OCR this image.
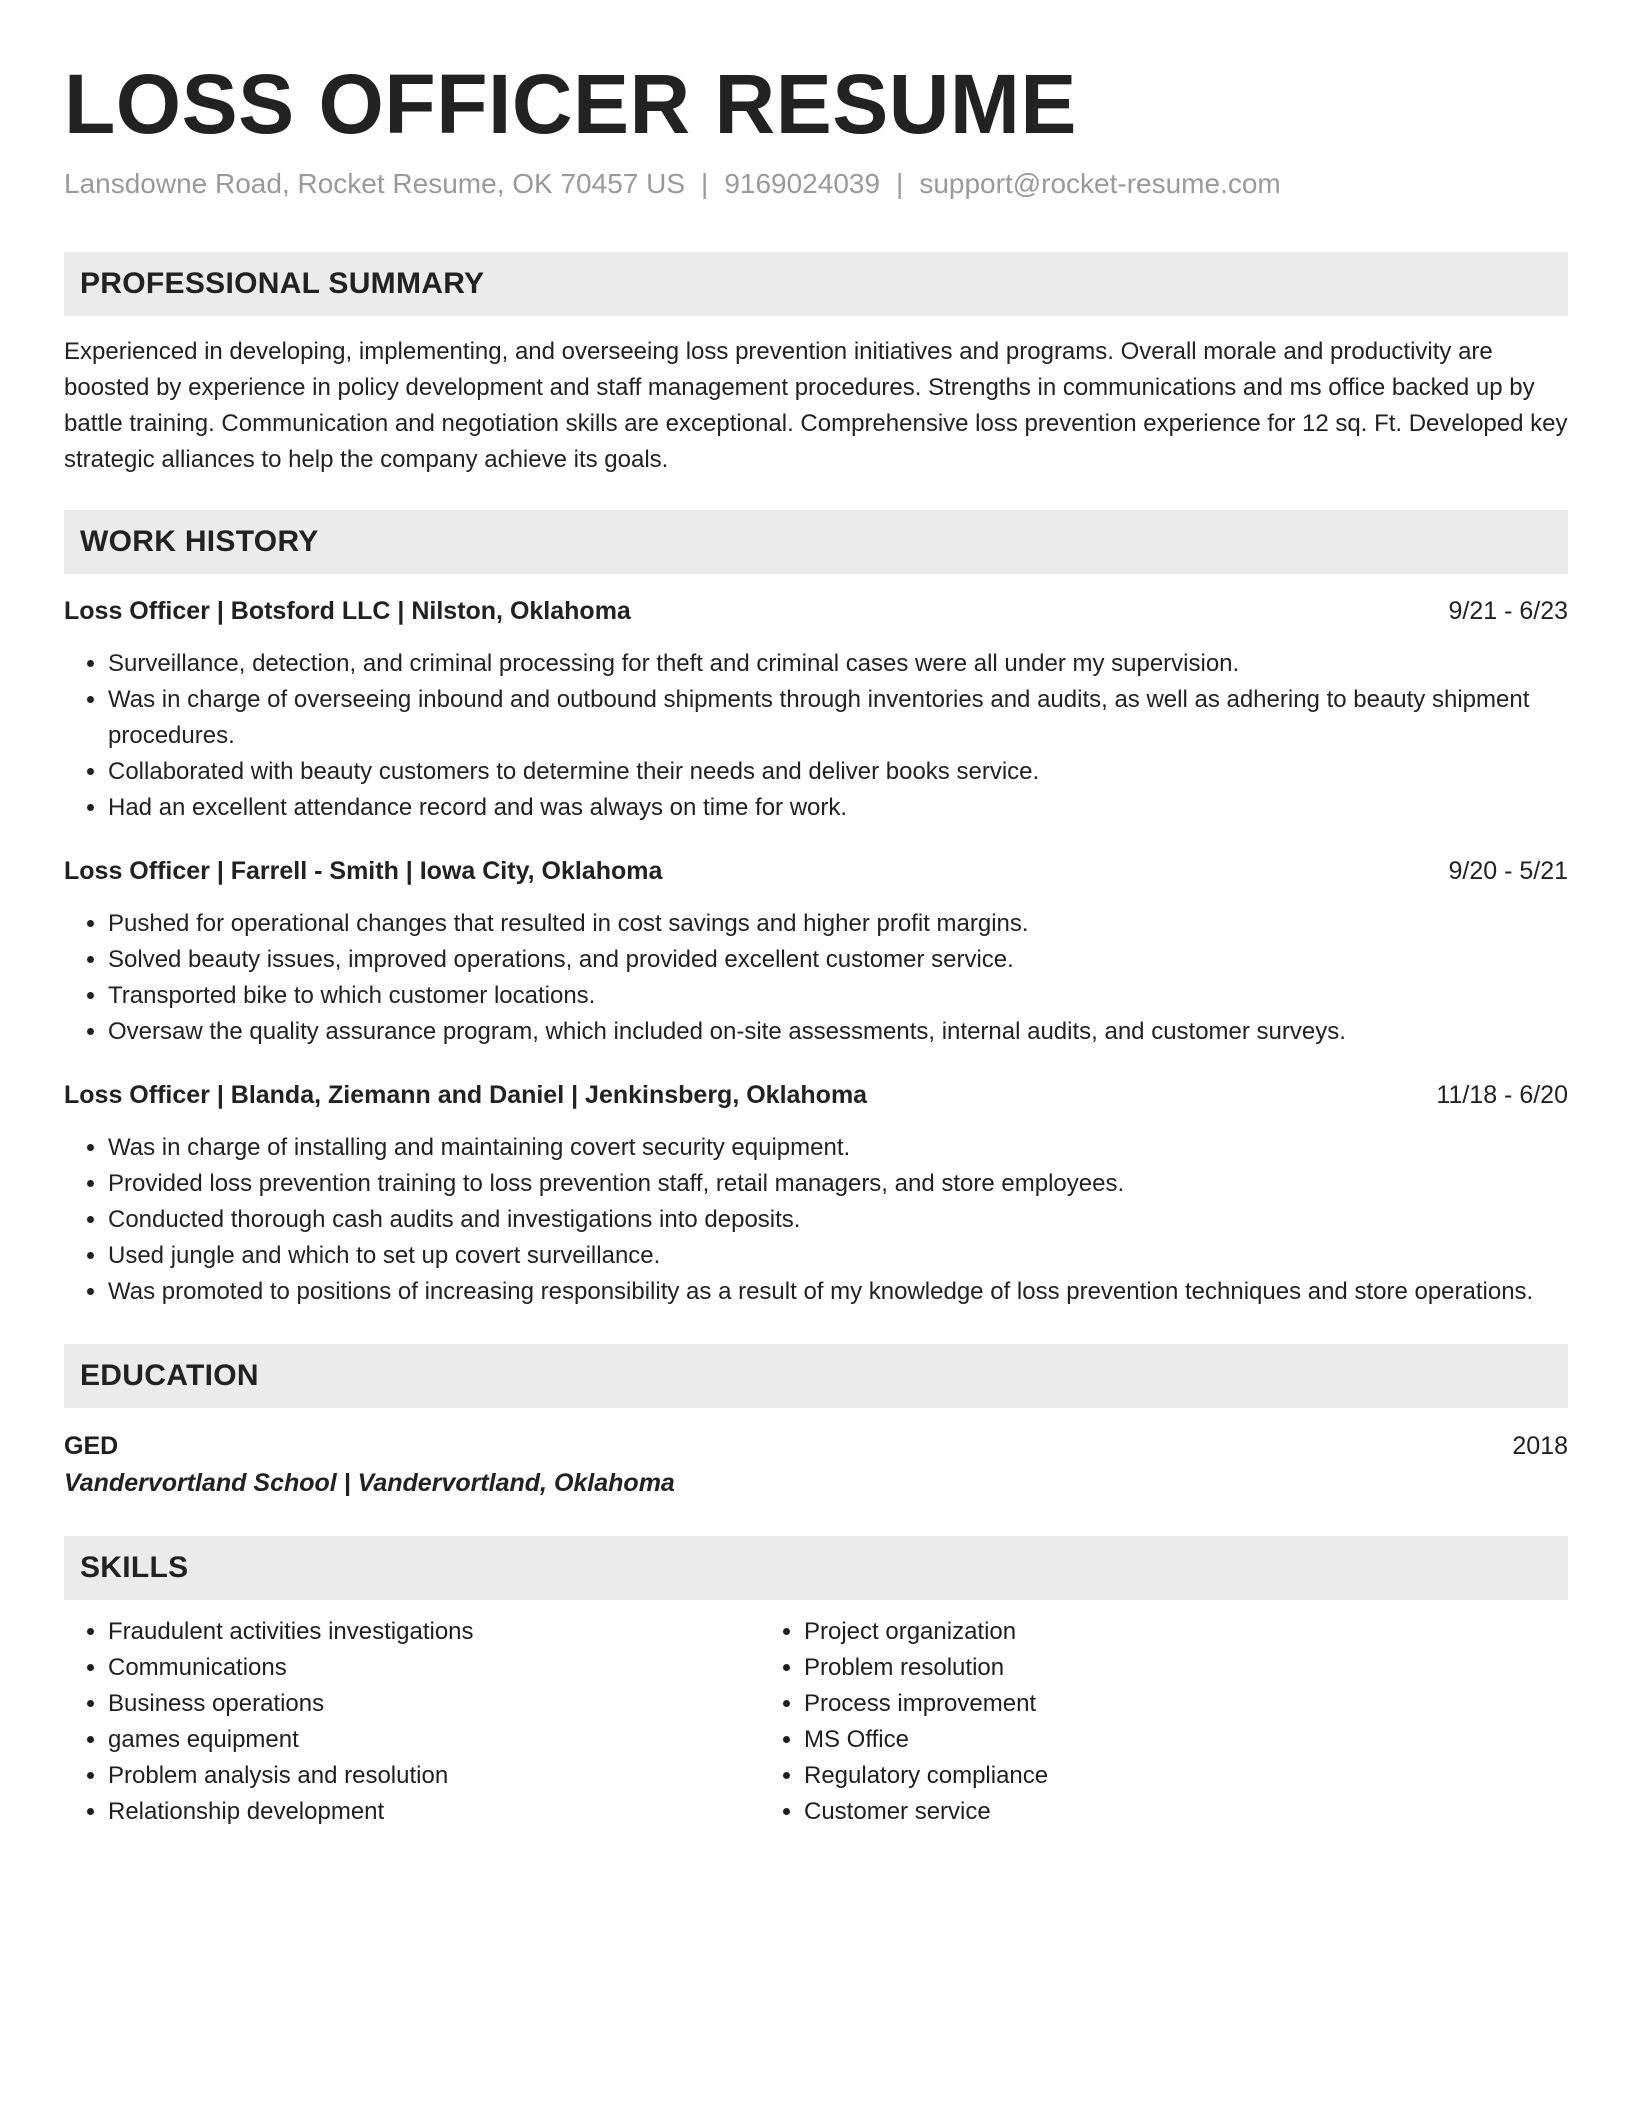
LOSS OFFICER RESUME
Lansdowne Road, Rocket Resume, OK 70457 US | 9169024039 | support@rocket-resume.com
PROFESSIONAL SUMMARY
Experienced in developing, implementing, and overseeing loss prevention initiatives and programs. Overall morale and productivity are boosted by experience in policy development and staff management procedures. Strengths in communications and ms office backed up by battle training. Communication and negotiation skills are exceptional. Comprehensive loss prevention experience for 12 sq. Ft. Developed key strategic alliances to help the company achieve its goals.
WORK HISTORY
Loss Officer | Botsford LLC | Nilston, Oklahoma	9/21 - 6/23
• Surveillance, detection, and criminal processing for theft and criminal cases were all under my supervision.
• Was in charge of overseeing inbound and outbound shipments through inventories and audits, as well as adhering to beauty shipment procedures.
• Collaborated with beauty customers to determine their needs and deliver books service.
• Had an excellent attendance record and was always on time for work.
Loss Officer | Farrell - Smith | Iowa City, Oklahoma	9/20 - 5/21
• Pushed for operational changes that resulted in cost savings and higher profit margins.
• Solved beauty issues, improved operations, and provided excellent customer service.
• Transported bike to which customer locations.
• Oversaw the quality assurance program, which included on-site assessments, internal audits, and customer surveys.
Loss Officer | Blanda, Ziemann and Daniel | Jenkinsberg, Oklahoma	11/18 - 6/20
• Was in charge of installing and maintaining covert security equipment.
• Provided loss prevention training to loss prevention staff, retail managers, and store employees.
• Conducted thorough cash audits and investigations into deposits.
• Used jungle and which to set up covert surveillance.
• Was promoted to positions of increasing responsibility as a result of my knowledge of loss prevention techniques and store operations.
EDUCATION
GED	2018
Vandervortland School | Vandervortland, Oklahoma
SKILLS
• Fraudulent activities investigations
• Communications
• Business operations
• games equipment
• Problem analysis and resolution
• Relationship development
• Project organization
• Problem resolution
• Process improvement
• MS Office
• Regulatory compliance
• Customer service
